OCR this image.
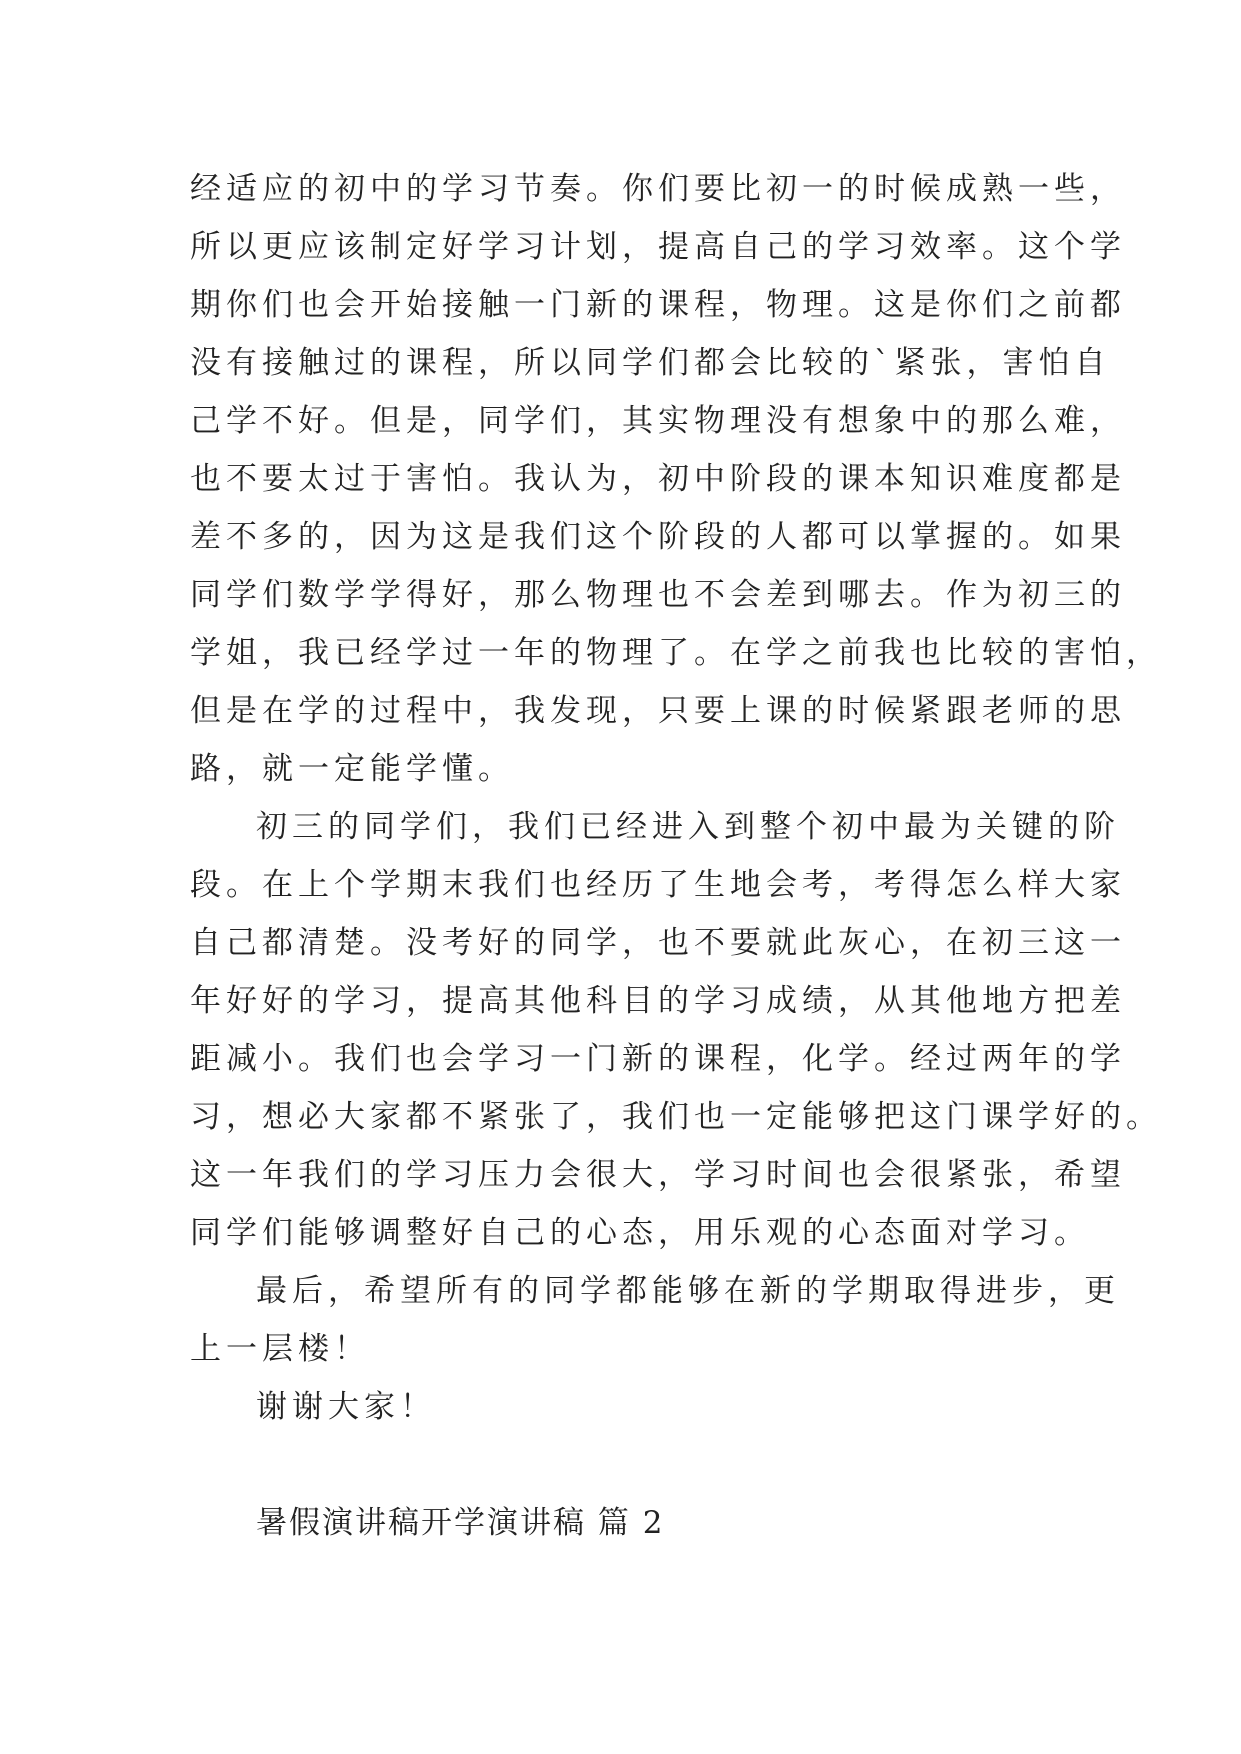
经适应的初中的学习节奏。你们要比初一的时候成熟一些，
所以更应该制定好学习计划，提高自己的学习效率。这个学
期你们也会开始接触一门新的课程，物理。这是你们之前都
没有接触过的课程，所以同学们都会比较的`紧张，害怕自
己学不好。但是，同学们，其实物理没有想象中的那么难，
也不要太过于害怕。我认为，初中阶段的课本知识难度都是
差不多的，因为这是我们这个阶段的人都可以掌握的。如果
同学们数学学得好，那么物理也不会差到哪去。作为初三的
学姐，我已经学过一年的物理了。在学之前我也比较的害怕，
但是在学的过程中，我发现，只要上课的时候紧跟老师的思
路，就一定能学懂。
初三的同学们，我们已经进入到整个初中最为关键的阶
段。在上个学期末我们也经历了生地会考，考得怎么样大家
自己都清楚。没考好的同学，也不要就此灰心，在初三这一
年好好的学习，提高其他科目的学习成绩，从其他地方把差
距减小。我们也会学习一门新的课程，化学。经过两年的学
习，想必大家都不紧张了，我们也一定能够把这门课学好的。
这一年我们的学习压力会很大，学习时间也会很紧张，希望
同学们能够调整好自己的心态，用乐观的心态面对学习。
最后，希望所有的同学都能够在新的学期取得进步，更
上一层楼！
谢谢大家！
暑假演讲稿开学演讲稿 篇 2
